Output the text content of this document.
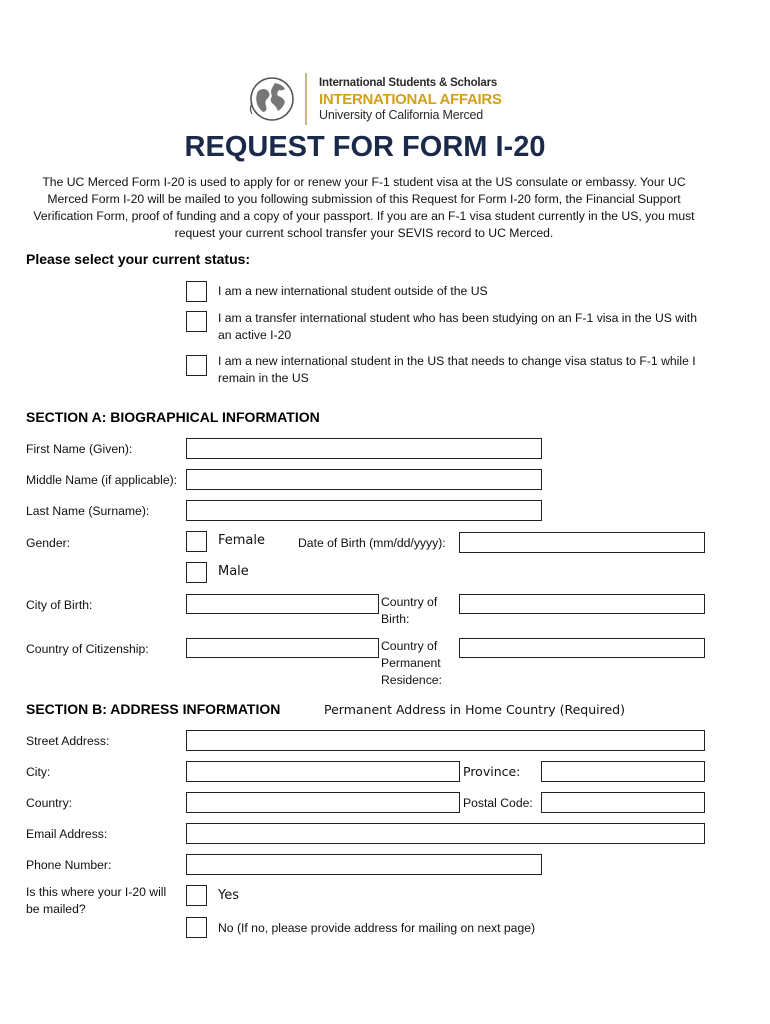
International Students & Scholars
INTERNATIONAL AFFAIRS
University of California Merced
REQUEST FOR FORM I-20
The UC Merced Form I-20 is used to apply for or renew your F-1 student visa at the US consulate or embassy. Your UC Merced Form I-20 will be mailed to you following submission of this Request for Form I-20 form, the Financial Support Verification Form, proof of funding and a copy of your passport. If you are an F-1 visa student currently in the US, you must request your current school transfer your SEVIS record to UC Merced.
Please select your current status:
I am a new international student outside of the US
I am a transfer international student who has been studying on an F-1 visa in the US with an active I-20
I am a new international student in the US that needs to change visa status to F-1 while I remain in the US
SECTION A: BIOGRAPHICAL INFORMATION
First Name (Given):
Middle Name (if applicable):
Last Name (Surname):
Gender:	Female	Date of Birth (mm/dd/yyyy):
Male
City of Birth:	Country of Birth:
Country of Citizenship:	Country of Permanent Residence:
SECTION B: ADDRESS INFORMATION	Permanent Address in Home Country (Required)
Street Address:
City:	Province:
Country:	Postal Code:
Email Address:
Phone Number:
Is this where your I-20 will be mailed?
Yes
No (If no, please provide address for mailing on next page)
